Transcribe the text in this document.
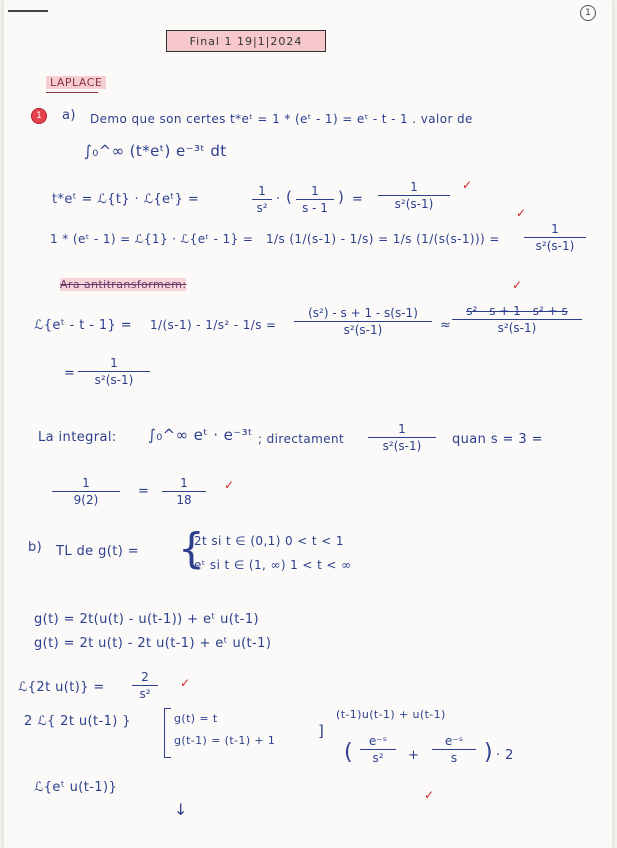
1
Final 1 19|1|2024
LAPLACE
1	a) Demo que son certes t*eᵗ = 1 * (eᵗ - 1) = eᵗ - t - 1 . valor de
∫₀^∞ (t*eᵗ) e⁻³ᵗ dt
t*eᵗ = ℒ{t} · ℒ{eᵗ} =
1
s²
· (	1
s - 1
) =
1
s²(s-1)
✓
1 * (eᵗ - 1) = ℒ{1} · ℒ{eᵗ - 1} = 1/s (1/(s-1) - 1/s) = 1/s (1/(s(s-1))) =
1
s²(s-1)
✓
Ara antitransformem:
ℒ{eᵗ - t - 1} = 1/(s-1) - 1/s² - 1/s =
(s²) - s + 1 - s(s-1)
s²(s-1)	≈
s² - s + 1 - s² + s
s²(s-1)
✓
=
1
s²(s-1)
La integral: ∫₀^∞ eᵗ · e⁻³ᵗ ; directament
1
s²(s-1)	quan s = 3 =
1
9(2)
=
1
18
✓
b) TL de g(t) = {
2t si t ∈ (0,1) 0 < t < 1
eᵗ si t ∈ (1, ∞) 1 < t < ∞
g(t) = 2t(u(t) - u(t-1)) + eᵗ u(t-1)
g(t) = 2t u(t) - 2t u(t-1) + eᵗ u(t-1)
ℒ{2t u(t)} =
2
s²
✓
2 ℒ{ 2t u(t-1) }	g(t) = t
g(t-1) = (t-1) + 1
]
(t-1)u(t-1) + u(t-1)
(	e⁻ˢ
s²	+
e⁻ˢ
s	) · 2
✓
ℒ{eᵗ u(t-1)}
↓
